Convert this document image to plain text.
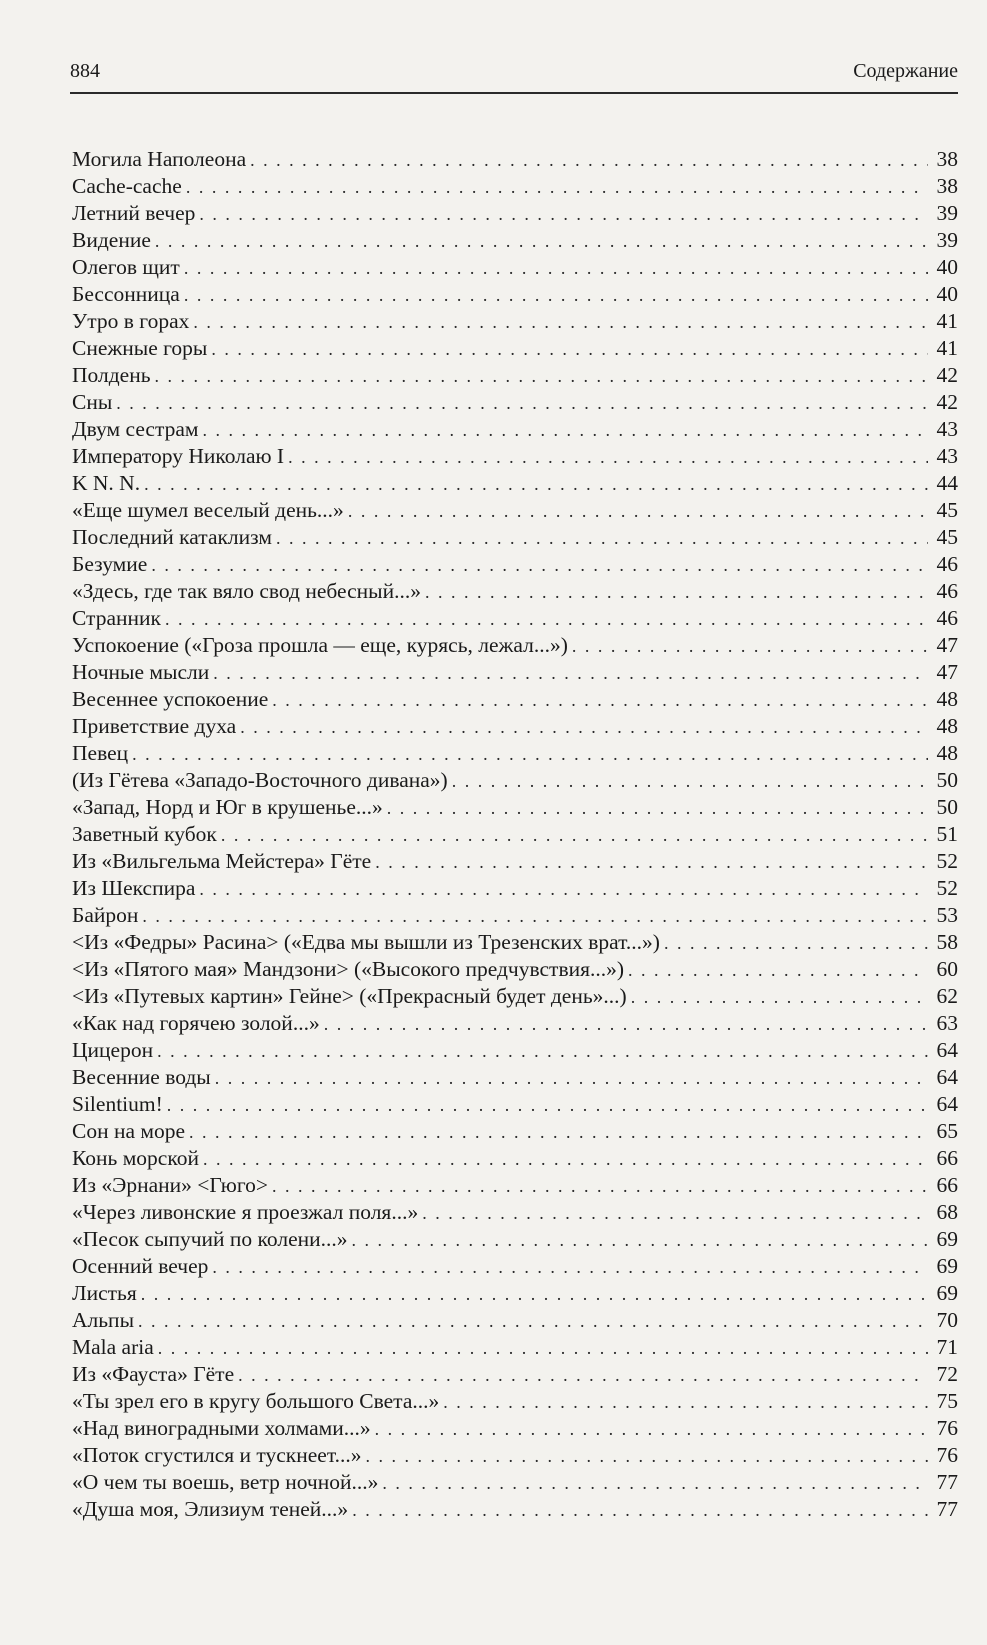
884	Содержание
Могила Наполеона . . .	38
Cache-cache . . .	38
Летний вечер . . .	39
Видение . . .	39
Олегов щит . . .	40
Бессонница . . .	40
Утро в горах . . .	41
Снежные горы . . .	41
Полдень . . .	42
Сны . . .	42
Двум сестрам . . .	43
Императору Николаю I . . .	43
K N. N. . . .	44
«Еще шумел веселый день...» . . .	45
Последний катаклизм . . .	45
Безумие . . .	46
«Здесь, где так вяло свод небесный...» . . .	46
Странник . . .	46
Успокоение («Гроза прошла — еще, курясь, лежал...») . . .	47
Ночные мысли . . .	47
Весеннее успокоение . . .	48
Приветствие духа . . .	48
Певец . . .	48
(Из Гётева «Западо-Восточного дивана») . . .	50
«Запад, Норд и Юг в крушенье...» . . .	50
Заветный кубок . . .	51
Из «Вильгельма Мейстера» Гёте . . .	52
Из Шекспира . . .	52
Байрон . . .	53
<Из «Федры» Расина> («Едва мы вышли из Трезенских врат...») . . .	58
<Из «Пятого мая» Мандзони> («Высокого предчувствия...») . . .	60
<Из «Путевых картин» Гейне> («Прекрасный будет день»...) . . .	62
«Как над горячею золой...» . . .	63
Цицерон . . .	64
Весенние воды . . .	64
Silentium! . . .	64
Сон на море . . .	65
Конь морской . . .	66
Из «Эрнани» <Гюго> . . .	66
«Через ливонские я проезжал поля...» . . .	68
«Песок сыпучий по колени...» . . .	69
Осенний вечер . . .	69
Листья . . .	69
Альпы . . .	70
Mala aria . . .	71
Из «Фауста» Гёте . . .	72
«Ты зрел его в кругу большого Света...» . . .	75
«Над виноградными холмами...» . . .	76
«Поток сгустился и тускнеет...» . . .	76
«О чем ты воешь, ветр ночной...» . . .	77
«Душа моя, Элизиум теней...» . . .	77
